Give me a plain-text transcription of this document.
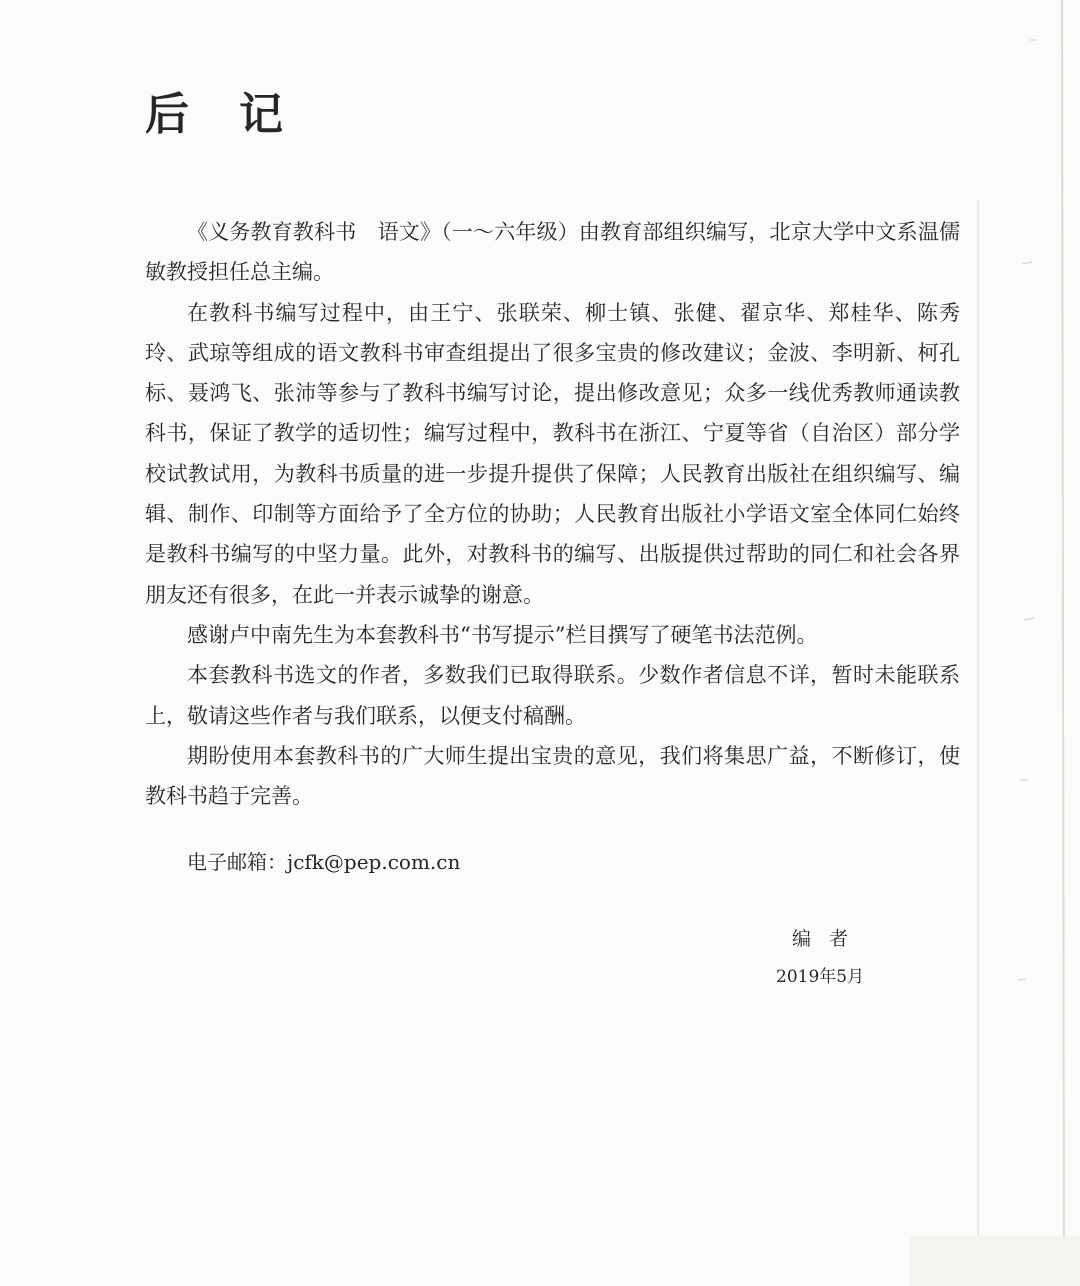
后 记

《义务教育教科书　语文》（一～六年级）由教育部组织编写，北京大学中文系温儒敏教授担任总主编。

在教科书编写过程中，由王宁、张联荣、柳士镇、张健、翟京华、郑桂华、陈秀玲、武琼等组成的语文教科书审查组提出了很多宝贵的修改建议；金波、李明新、柯孔标、聂鸿飞、张沛等参与了教科书编写讨论，提出修改意见；众多一线优秀教师通读教科书，保证了教学的适切性；编写过程中，教科书在浙江、宁夏等省（自治区）部分学校试教试用，为教科书质量的进一步提升提供了保障；人民教育出版社在组织编写、编辑、制作、印制等方面给予了全方位的协助；人民教育出版社小学语文室全体同仁始终是教科书编写的中坚力量。此外，对教科书的编写、出版提供过帮助的同仁和社会各界朋友还有很多，在此一并表示诚挚的谢意。

感谢卢中南先生为本套教科书“书写提示”栏目撰写了硬笔书法范例。

本套教科书选文的作者，多数我们已取得联系。少数作者信息不详，暂时未能联系上，敬请这些作者与我们联系，以便支付稿酬。

期盼使用本套教科书的广大师生提出宝贵的意见，我们将集思广益，不断修订，使教科书趋于完善。

电子邮箱：jcfk@pep.com.cn

编者

2019年5月
